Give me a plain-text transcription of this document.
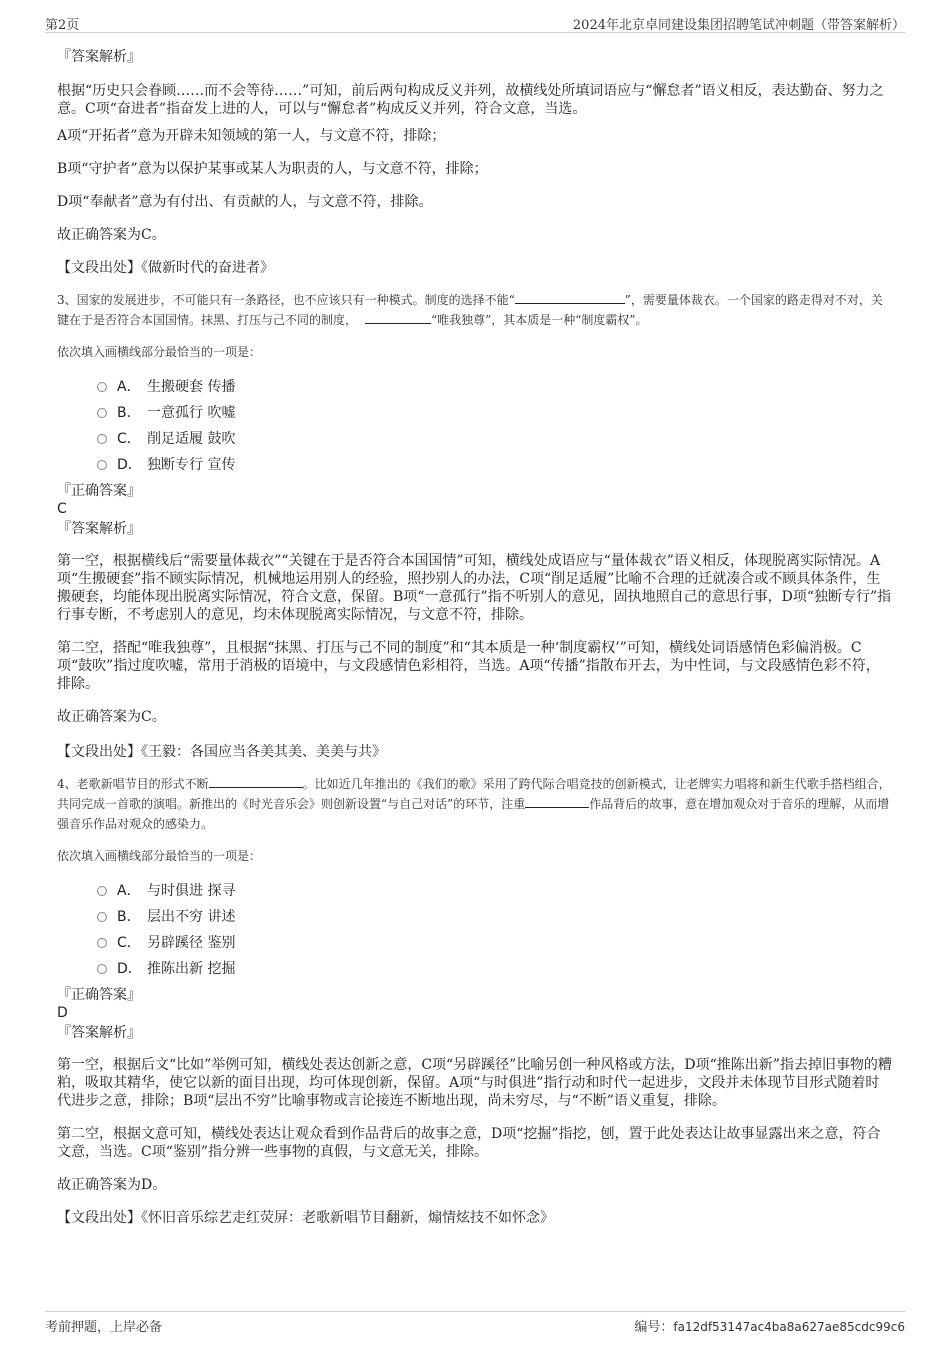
第2页	2024年北京卓同建设集团招聘笔试冲刺题（带答案解析）

『答案解析』

根据“历史只会眷顾……而不会等待……”可知，前后两句构成反义并列，故横线处所填词语应与“懈怠者”语义相反，表达勤奋、努力之意。C项“奋进者”指奋发上进的人，可以与“懈怠者”构成反义并列，符合文意，当选。

A项“开拓者”意为开辟未知领域的第一人，与文意不符，排除；

B项“守护者”意为以保护某事或某人为职责的人，与文意不符，排除；

D项“奉献者”意为有付出、有贡献的人，与文意不符，排除。

故正确答案为C。

【文段出处】《做新时代的奋进者》

3、国家的发展进步，不可能只有一条路径，也不应该只有一种模式。制度的选择不能“	”，需要量体裁衣。一个国家的路走得对不对，关键在于是否符合本国国情。抹黑、打压与己不同的制度，	“唯我独尊”，其本质是一种“制度霸权”。

依次填入画横线部分最恰当的一项是：

A． 生搬硬套 传播
B． 一意孤行 吹嘘
C． 削足适履 鼓吹
D． 独断专行 宣传

『正确答案』

C

『答案解析』

第一空，根据横线后“需要量体裁衣”“关键在于是否符合本国国情”可知，横线处成语应与“量体裁衣”语义相反，体现脱离实际情况。A项“生搬硬套”指不顾实际情况，机械地运用别人的经验，照抄别人的办法，C项“削足适履”比喻不合理的迁就凑合或不顾具体条件，生搬硬套，均能体现出脱离实际情况，符合文意，保留。B项“一意孤行”指不听别人的意见，固执地照自己的意思行事，D项“独断专行”指行事专断，不考虑别人的意见，均未体现脱离实际情况，与文意不符，排除。

第二空，搭配“唯我独尊”，且根据“抹黑、打压与己不同的制度”和“其本质是一种‘制度霸权’”可知，横线处词语感情色彩偏消极。C项“鼓吹”指过度吹嘘，常用于消极的语境中，与文段感情色彩相符，当选。A项“传播”指散布开去，为中性词，与文段感情色彩不符，排除。

故正确答案为C。

【文段出处】《王毅：各国应当各美其美、美美与共》

4、老歌新唱节目的形式不断	。比如近几年推出的《我们的歌》采用了跨代际合唱竞技的创新模式，让老牌实力唱将和新生代歌手搭档组合，共同完成一首歌的演唱。新推出的《时光音乐会》则创新设置“与自己对话”的环节，注重	作品背后的故事，意在增加观众对于音乐的理解，从而增强音乐作品对观众的感染力。

依次填入画横线部分最恰当的一项是：

A． 与时俱进 探寻
B． 层出不穷 讲述
C． 另辟蹊径 鉴别
D． 推陈出新 挖掘

『正确答案』

D

『答案解析』

第一空，根据后文“比如”举例可知，横线处表达创新之意，C项“另辟蹊径”比喻另创一种风格或方法，D项“推陈出新”指去掉旧事物的糟粕，吸取其精华，使它以新的面目出现，均可体现创新，保留。A项“与时俱进”指行动和时代一起进步，文段并未体现节目形式随着时代进步之意，排除；B项“层出不穷”比喻事物或言论接连不断地出现，尚未穷尽，与“不断”语义重复，排除。

第二空，根据文意可知，横线处表达让观众看到作品背后的故事之意，D项“挖掘”指挖，刨，置于此处表达让故事显露出来之意，符合文意，当选。C项“鉴别”指分辨一些事物的真假，与文意无关，排除。

故正确答案为D。

【文段出处】《怀旧音乐综艺走红荧屏：老歌新唱节目翻新，煽情炫技不如怀念》

考前押题，上岸必备	编号：fa12df53147ac4ba8a627ae85cdc99c6
